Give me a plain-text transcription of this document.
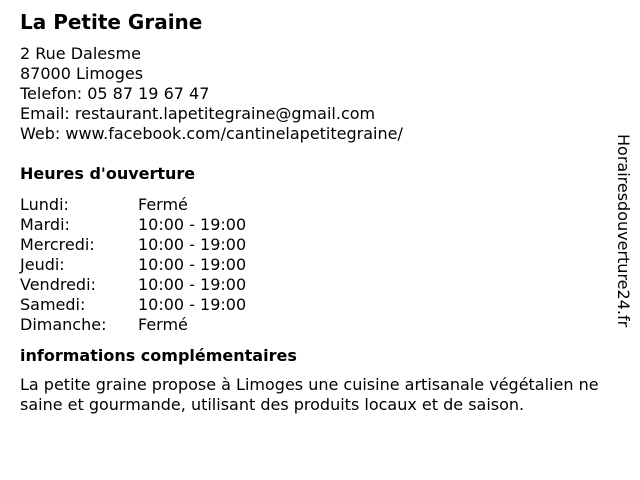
La Petite Graine
2 Rue Dalesme
87000 Limoges
Telefon: 05 87 19 67 47
Email: restaurant.lapetitegraine@gmail.com
Web: www.facebook.com/cantinelapetitegraine/
Heures d'ouverture
Lundi:	Fermé
Mardi:	10:00 - 19:00
Mercredi:	10:00 - 19:00
Jeudi:	10:00 - 19:00
Vendredi:	10:00 - 19:00
Samedi:	10:00 - 19:00
Dimanche: Fermé
informations complémentaires
La petite graine propose à Limoges une cuisine artisanale végétalien ne saine et gourmande, utilisant des produits locaux et de saison.
Horairesdouverture24.fr
